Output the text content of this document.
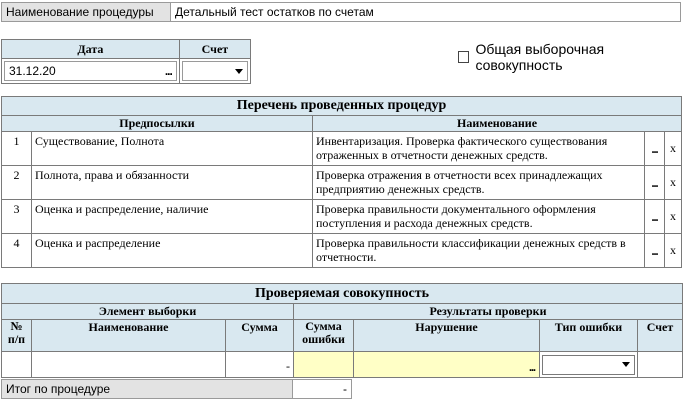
Наименование процедуры	Детальный тест остатков по счетам
Дата	Счет

31.12.20 ...	

Общая выборочная совокупность
Перечень проведенных процедур				
Предпосылки		Наименование		
1	Существование, Полнота	Инвентаризация. Проверка фактического существования отраженных в отчетности денежных средств.	...	x
2	Полнота, права и обязанности	Проверка отражения в отчетности всех принадлежащих предприятию денежных средств.	...	x
3	Оценка и распределение, наличие	Проверка правильности документального оформления поступления и расхода денежных средств.	...	x
4	Оценка и распределение	Проверка правильности классификации денежных средств в отчетности.	...	x
Проверяемая совокупность						
Элемент выборки			Результаты проверки			
№ п/п	Наименование	Сумма	Сумма ошибки	Нарушение	Тип ошибки	Счет
		-		...		

Итог по процедуре	-
